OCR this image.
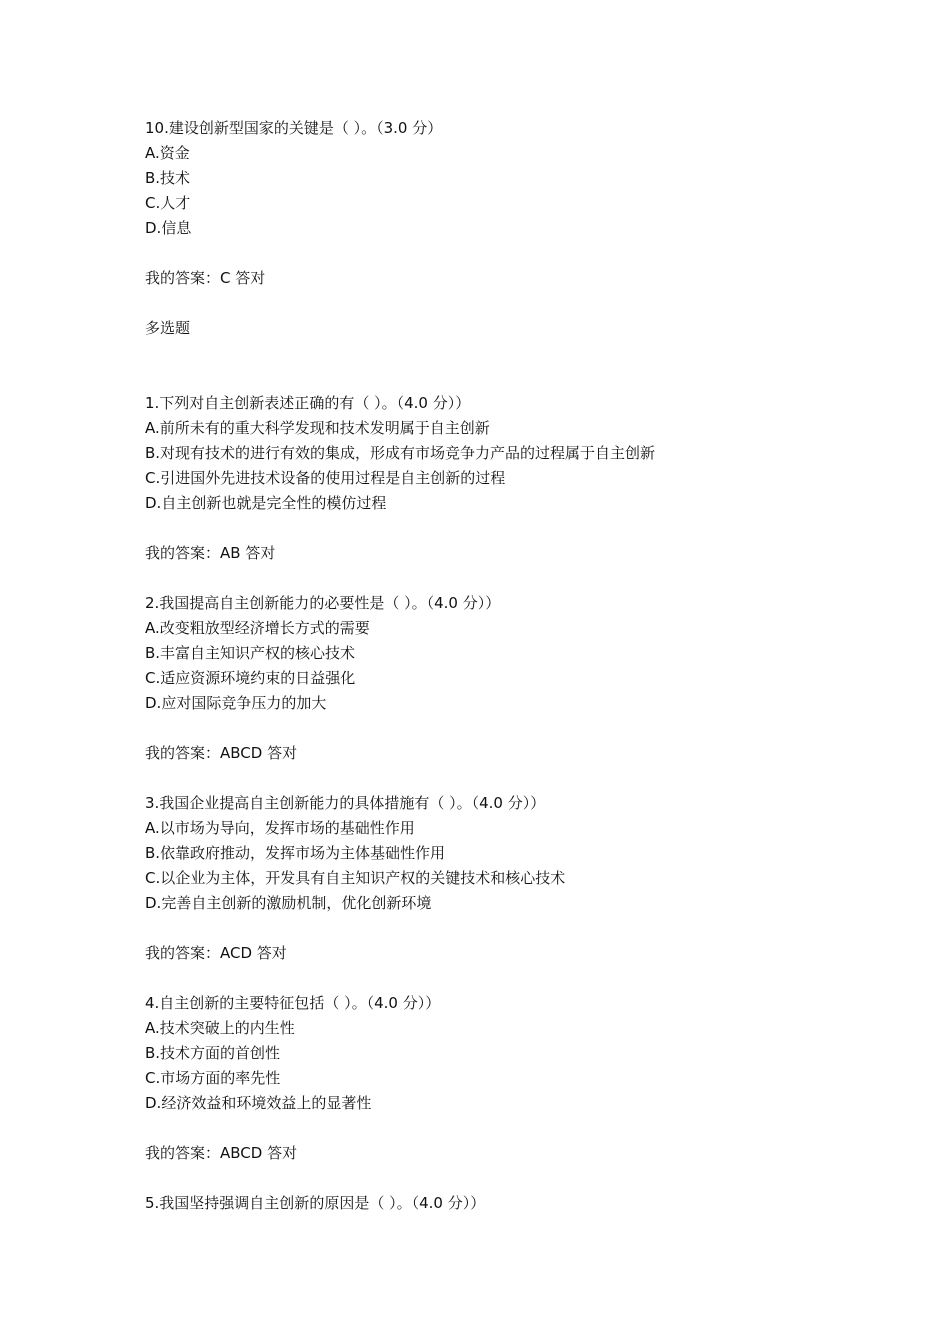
10.建设创新型国家的关键是（ ）。（3.0 分）
A.资金
B.技术
C.人才
D.信息
我的答案：C 答对
多选题
1.下列对自主创新表述正确的有（ ）。（4.0 分））
A.前所未有的重大科学发现和技术发明属于自主创新
B.对现有技术的进行有效的集成，形成有市场竞争力产品的过程属于自主创新
C.引进国外先进技术设备的使用过程是自主创新的过程
D.自主创新也就是完全性的模仿过程
我的答案：AB 答对
2.我国提高自主创新能力的必要性是（ ）。（4.0 分））
A.改变粗放型经济增长方式的需要
B.丰富自主知识产权的核心技术
C.适应资源环境约束的日益强化
D.应对国际竞争压力的加大
我的答案：ABCD 答对
3.我国企业提高自主创新能力的具体措施有（ ）。（4.0 分））
A.以市场为导向，发挥市场的基础性作用
B.依靠政府推动，发挥市场为主体基础性作用
C.以企业为主体，开发具有自主知识产权的关键技术和核心技术
D.完善自主创新的激励机制，优化创新环境
我的答案：ACD 答对
4.自主创新的主要特征包括（ ）。（4.0 分））
A.技术突破上的内生性
B.技术方面的首创性
C.市场方面的率先性
D.经济效益和环境效益上的显著性
我的答案：ABCD 答对
5.我国坚持强调自主创新的原因是（ ）。（4.0 分））
